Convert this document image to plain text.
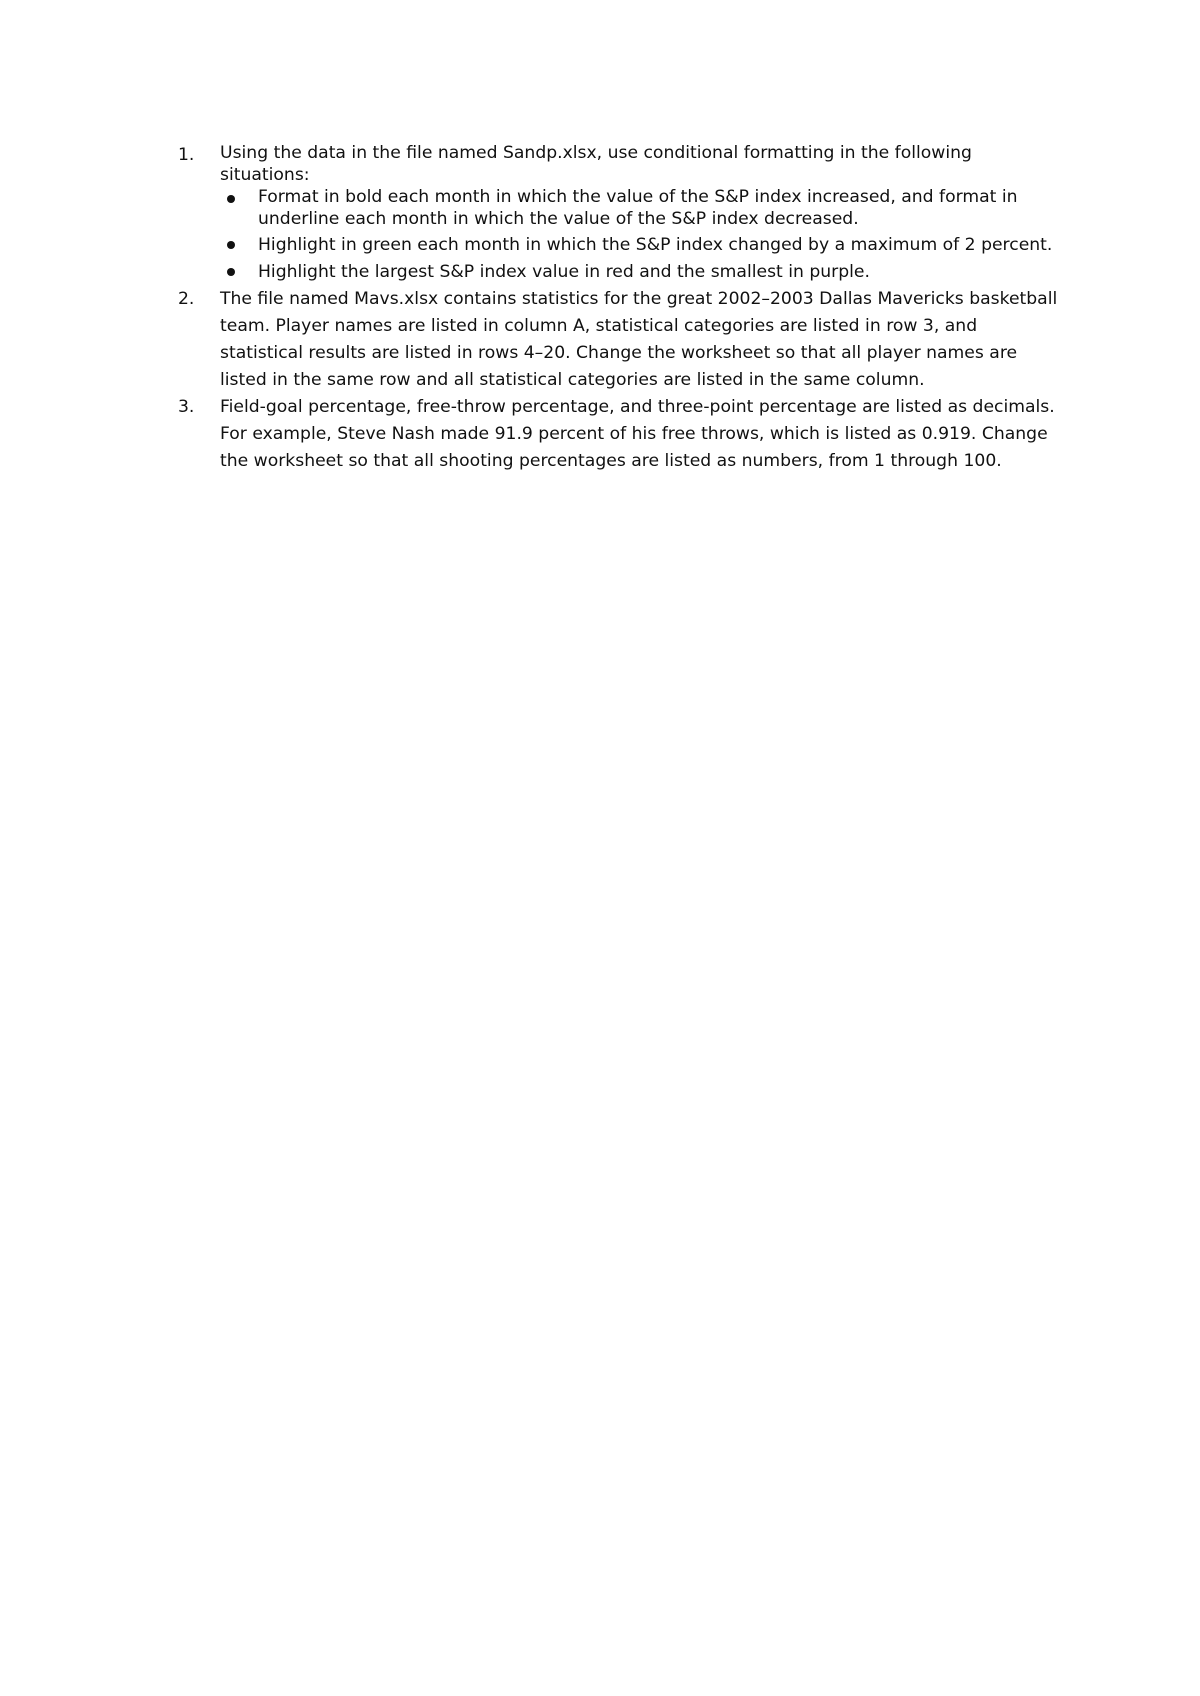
1. Using the data in the file named Sandp.xlsx, use conditional formatting in the following situations:
Format in bold each month in which the value of the S&P index increased, and format in underline each month in which the value of the S&P index decreased.
Highlight in green each month in which the S&P index changed by a maximum of 2 percent.
Highlight the largest S&P index value in red and the smallest in purple.
2. The file named Mavs.xlsx contains statistics for the great 2002–2003 Dallas Mavericks basketball team. Player names are listed in column A, statistical categories are listed in row 3, and statistical results are listed in rows 4–20. Change the worksheet so that all player names are listed in the same row and all statistical categories are listed in the same column.
3. Field-goal percentage, free-throw percentage, and three-point percentage are listed as decimals. For example, Steve Nash made 91.9 percent of his free throws, which is listed as 0.919. Change the worksheet so that all shooting percentages are listed as numbers, from 1 through 100.
